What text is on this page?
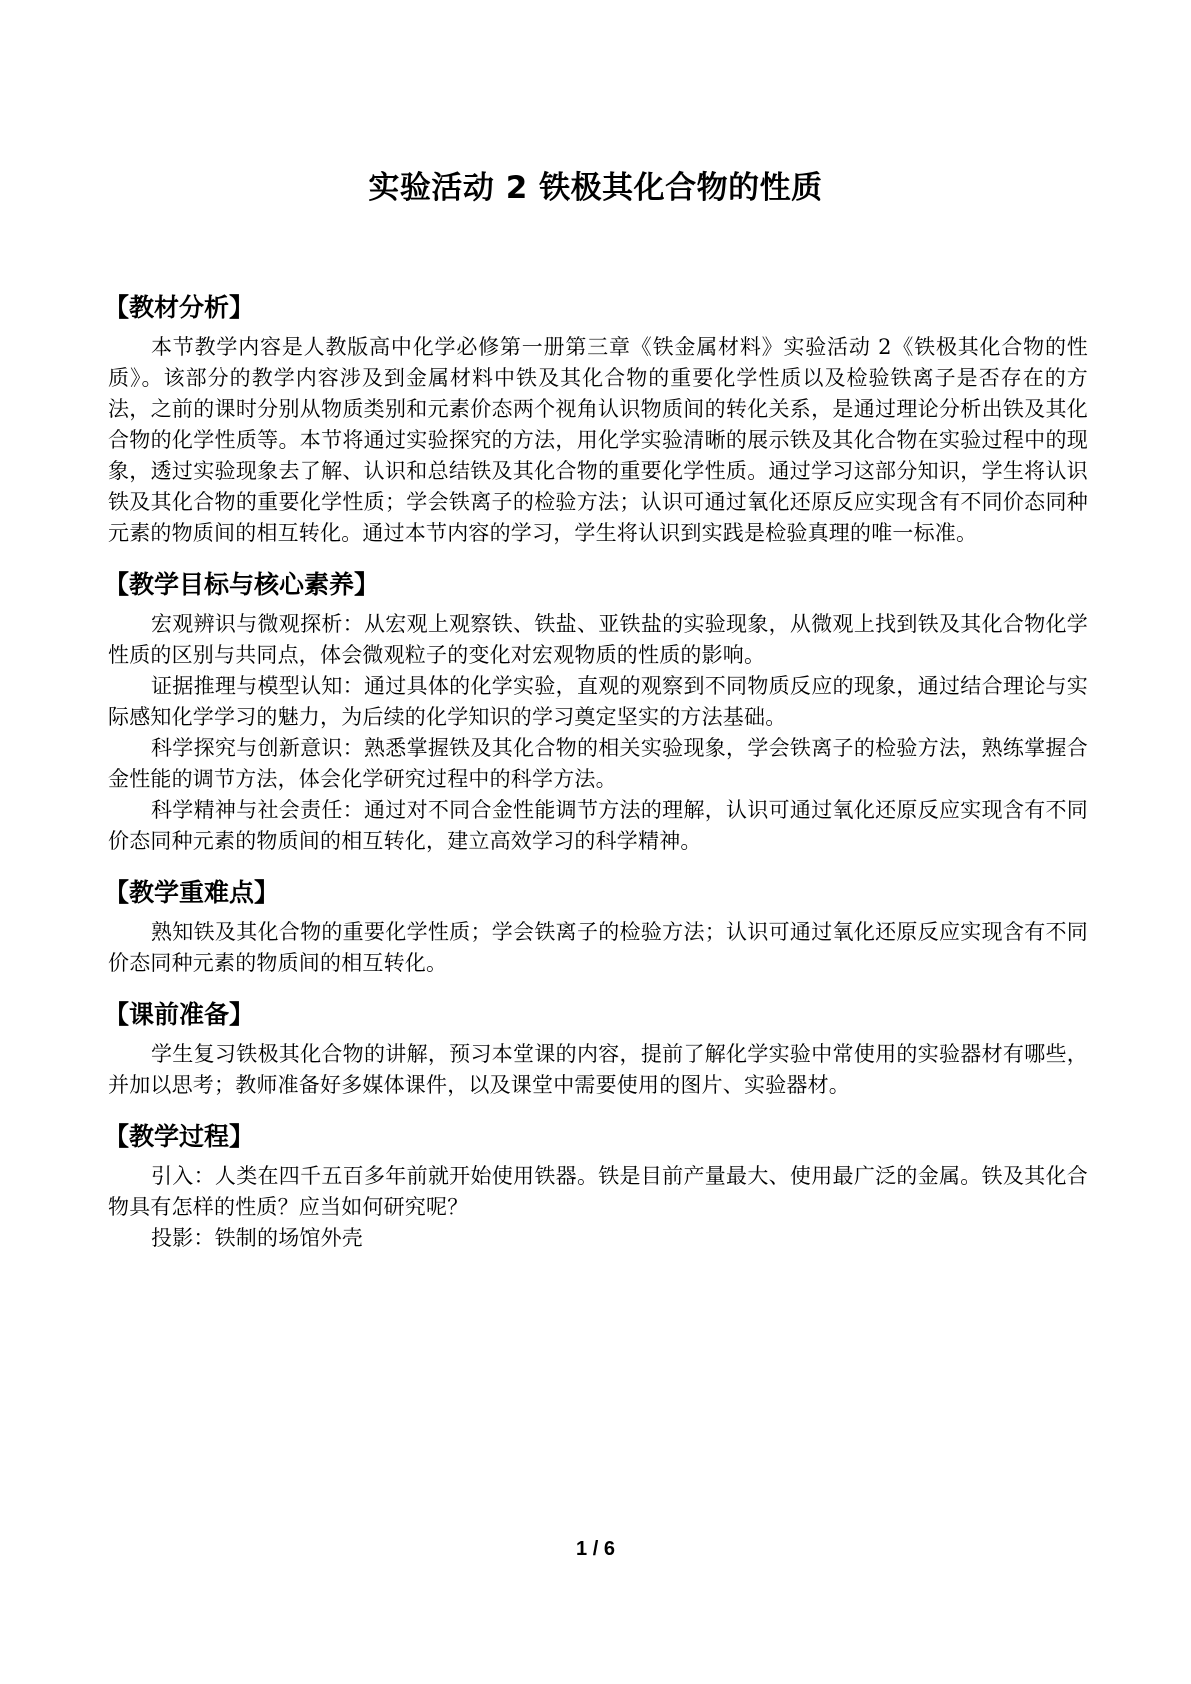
实验活动 2 铁极其化合物的性质
【教材分析】

本节教学内容是人教版高中化学必修第一册第三章《铁金属材料》实验活动 2《铁极其化合物的性质》。该部分的教学内容涉及到金属材料中铁及其化合物的重要化学性质以及检验铁离子是否存在的方法，之前的课时分别从物质类别和元素价态两个视角认识物质间的转化关系，是通过理论分析出铁及其化合物的化学性质等。本节将通过实验探究的方法，用化学实验清晰的展示铁及其化合物在实验过程中的现象，透过实验现象去了解、认识和总结铁及其化合物的重要化学性质。通过学习这部分知识，学生将认识铁及其化合物的重要化学性质；学会铁离子的检验方法；认识可通过氧化还原反应实现含有不同价态同种元素的物质间的相互转化。通过本节内容的学习，学生将认识到实践是检验真理的唯一标准。

【教学目标与核心素养】

宏观辨识与微观探析：从宏观上观察铁、铁盐、亚铁盐的实验现象，从微观上找到铁及其化合物化学性质的区别与共同点，体会微观粒子的变化对宏观物质的性质的影响。

证据推理与模型认知：通过具体的化学实验，直观的观察到不同物质反应的现象，通过结合理论与实际感知化学学习的魅力，为后续的化学知识的学习奠定坚实的方法基础。

科学探究与创新意识：熟悉掌握铁及其化合物的相关实验现象，学会铁离子的检验方法，熟练掌握合金性能的调节方法，体会化学研究过程中的科学方法。

科学精神与社会责任：通过对不同合金性能调节方法的理解，认识可通过氧化还原反应实现含有不同价态同种元素的物质间的相互转化，建立高效学习的科学精神。

【教学重难点】

熟知铁及其化合物的重要化学性质；学会铁离子的检验方法；认识可通过氧化还原反应实现含有不同价态同种元素的物质间的相互转化。

【课前准备】

学生复习铁极其化合物的讲解，预习本堂课的内容，提前了解化学实验中常使用的实验器材有哪些，并加以思考；教师准备好多媒体课件，以及课堂中需要使用的图片、实验器材。

【教学过程】

引入：人类在四千五百多年前就开始使用铁器。铁是目前产量最大、使用最广泛的金属。铁及其化合物具有怎样的性质？应当如何研究呢？

投影：铁制的场馆外壳

1 / 6
